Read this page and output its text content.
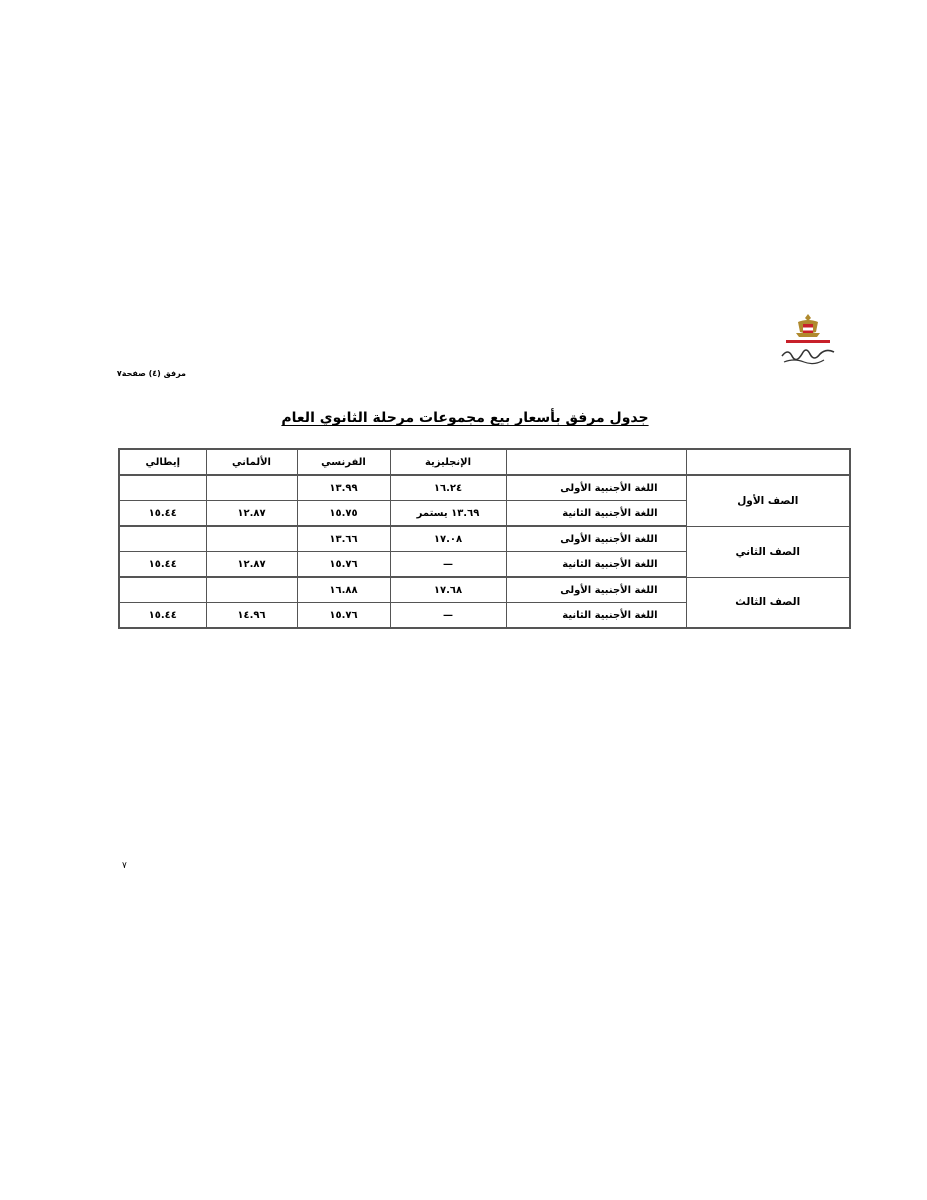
مرفق (٤) صفحة٧
جدول مرفق بأسعار بيع مجموعات مرحلة الثانوي العام
		الإنجليزية	الفرنسي	الألماني	إيطالي
الصف الأول	اللغة الأجنبية الأولى	١٦.٢٤	١٣.٩٩		
	اللغة الأجنبية الثانية	١٣.٦٩ يستمر	١٥.٧٥	١٢.٨٧	١٥.٤٤
الصف الثاني	اللغة الأجنبية الأولى	١٧.٠٨	١٣.٦٦		
	اللغة الأجنبية الثانية	—	١٥.٧٦	١٢.٨٧	١٥.٤٤
الصف الثالث	اللغة الأجنبية الأولى	١٧.٦٨	١٦.٨٨		
	اللغة الأجنبية الثانية	—	١٥.٧٦	١٤.٩٦	١٥.٤٤
٧
